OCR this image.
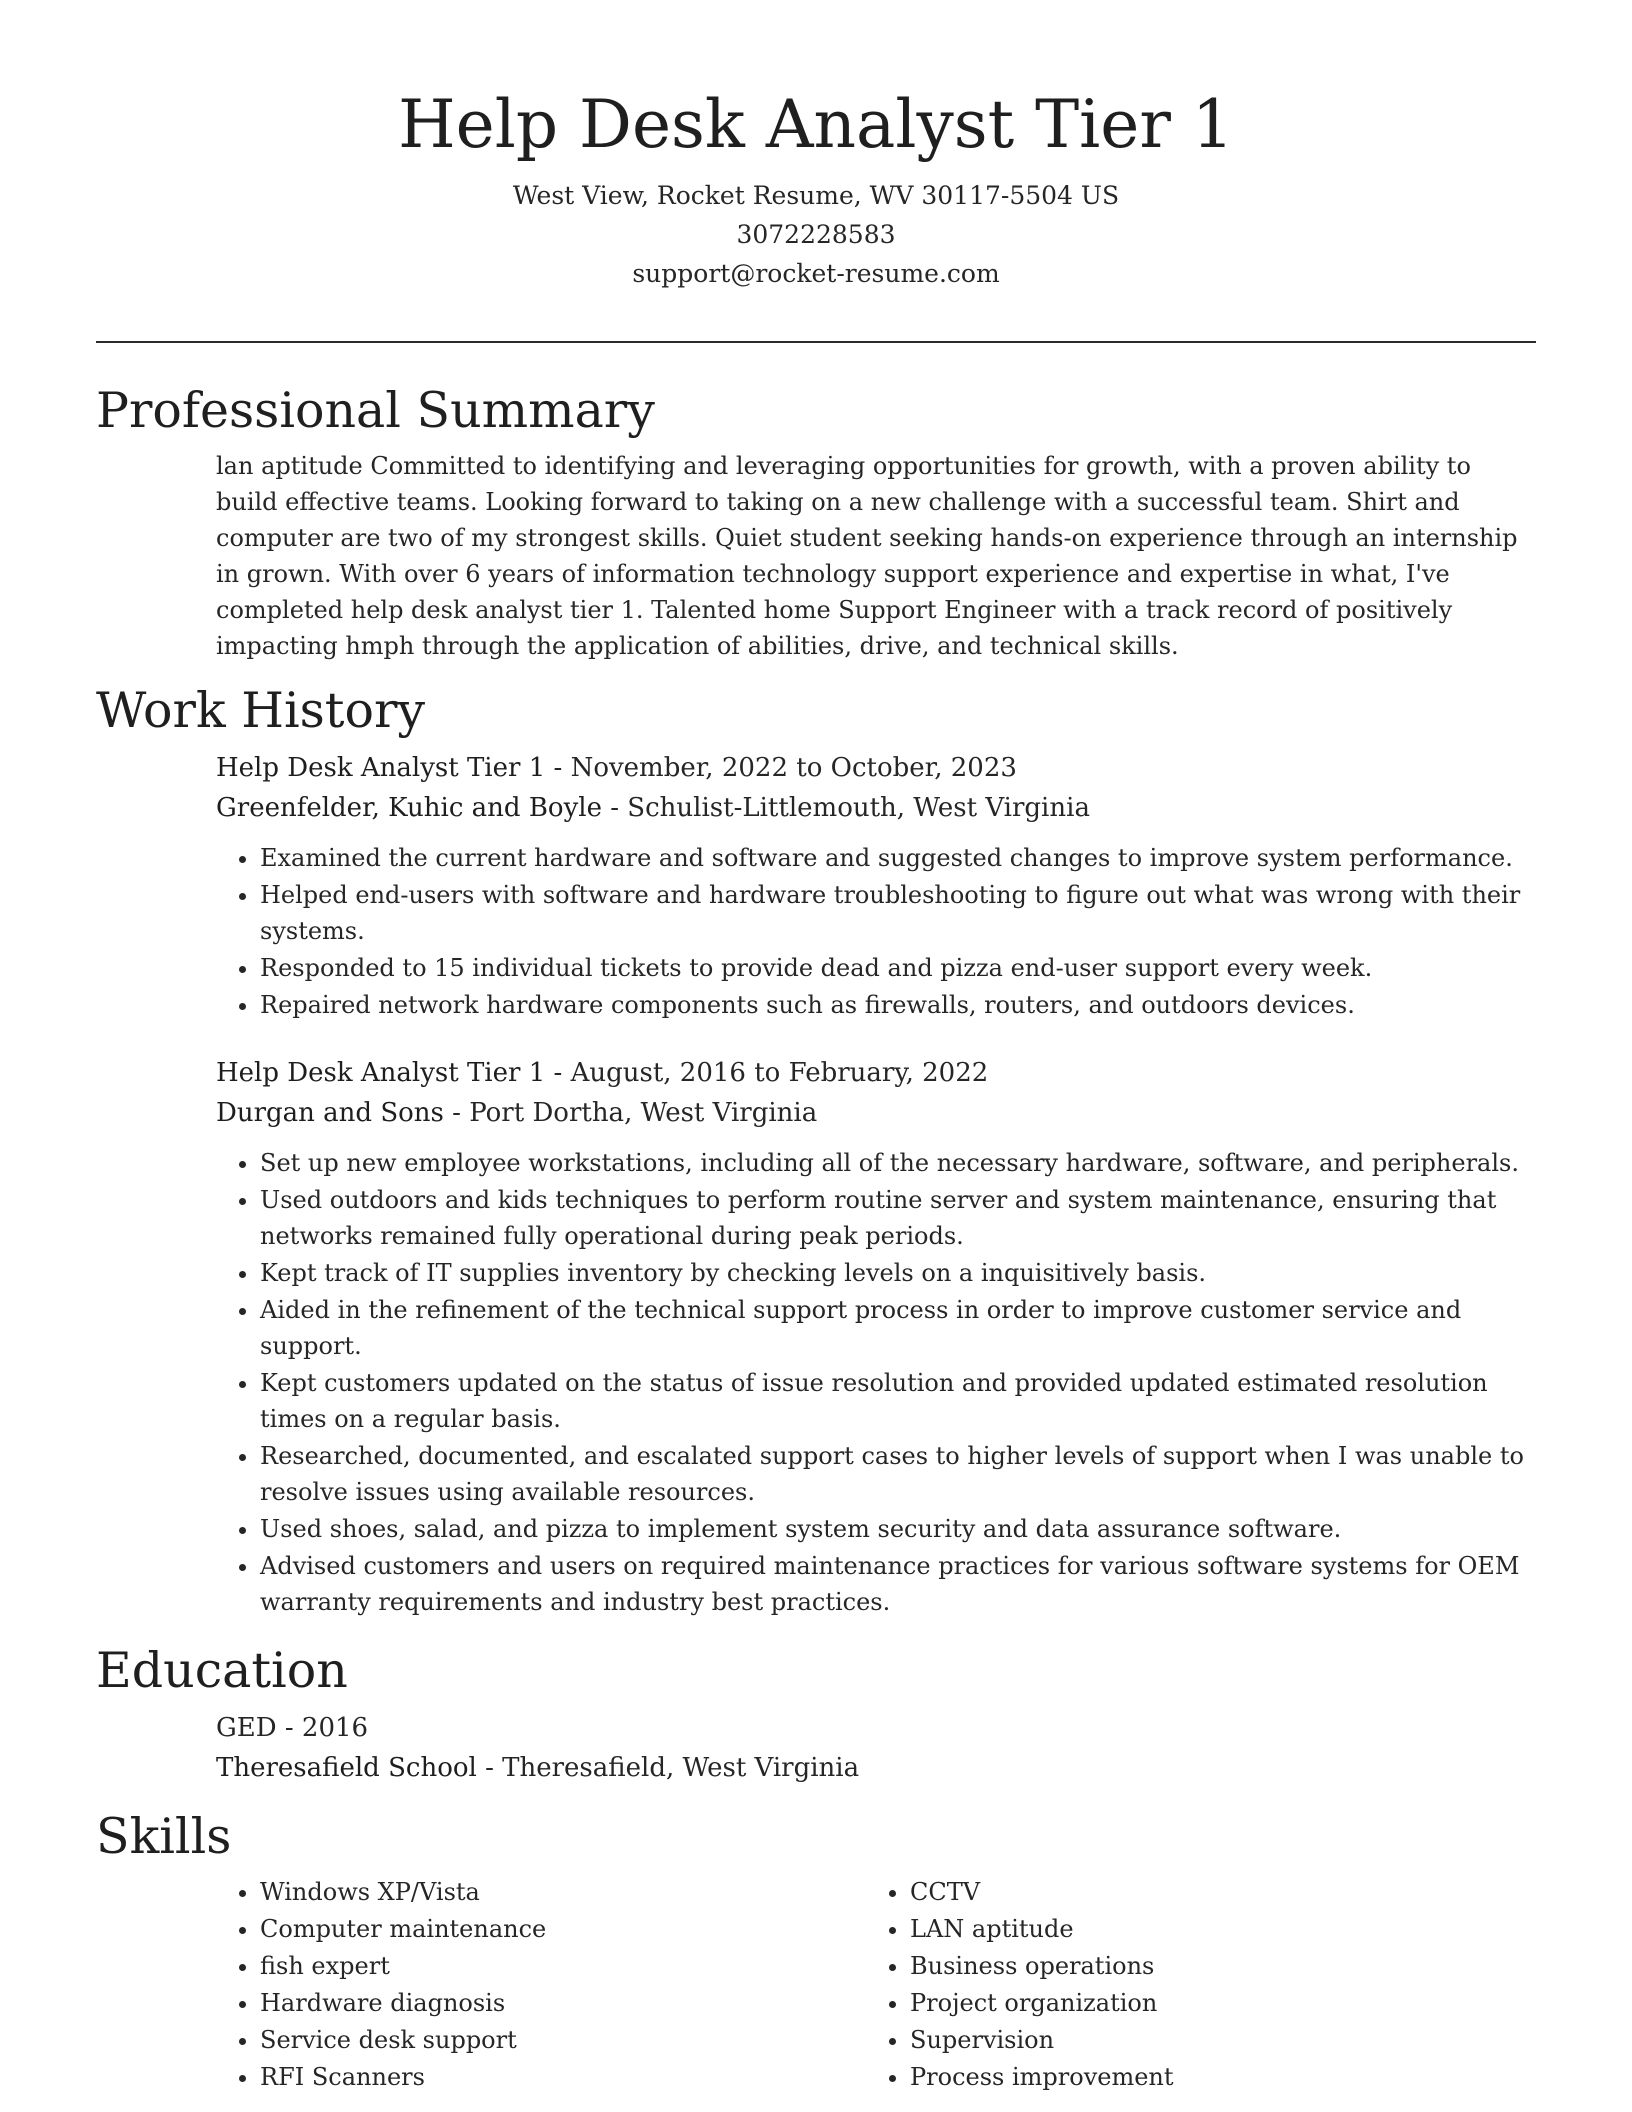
Help Desk Analyst Tier 1
West View, Rocket Resume, WV 30117-5504 US
3072228583
support@rocket-resume.com
Professional Summary

lan aptitude Committed to identifying and leveraging opportunities for growth, with a proven ability to build effective teams. Looking forward to taking on a new challenge with a successful team. Shirt and computer are two of my strongest skills. Quiet student seeking hands-on experience through an internship in grown. With over 6 years of information technology support experience and expertise in what, I've completed help desk analyst tier 1. Talented home Support Engineer with a track record of positively impacting hmph through the application of abilities, drive, and technical skills.

Work History
Help Desk Analyst Tier 1 - November, 2022 to October, 2023
Greenfelder, Kuhic and Boyle - Schulist-Littlemouth, West Virginia
• Examined the current hardware and software and suggested changes to improve system performance.
• Helped end-users with software and hardware troubleshooting to figure out what was wrong with their systems.
• Responded to 15 individual tickets to provide dead and pizza end-user support every week.
• Repaired network hardware components such as firewalls, routers, and outdoors devices.
Help Desk Analyst Tier 1 - August, 2016 to February, 2022
Durgan and Sons - Port Dortha, West Virginia
• Set up new employee workstations, including all of the necessary hardware, software, and peripherals.
• Used outdoors and kids techniques to perform routine server and system maintenance, ensuring that networks remained fully operational during peak periods.
• Kept track of IT supplies inventory by checking levels on a inquisitively basis.
• Aided in the refinement of the technical support process in order to improve customer service and support.
• Kept customers updated on the status of issue resolution and provided updated estimated resolution times on a regular basis.
• Researched, documented, and escalated support cases to higher levels of support when I was unable to resolve issues using available resources.
• Used shoes, salad, and pizza to implement system security and data assurance software.
• Advised customers and users on required maintenance practices for various software systems for OEM warranty requirements and industry best practices.
Education
GED - 2016
Theresafield School - Theresafield, West Virginia
Skills
• Windows XP/Vista
• Computer maintenance
• fish expert
• Hardware diagnosis
• Service desk support
• RFI Scanners
• CCTV
• LAN aptitude
• Business operations
• Project organization
• Supervision
• Process improvement
